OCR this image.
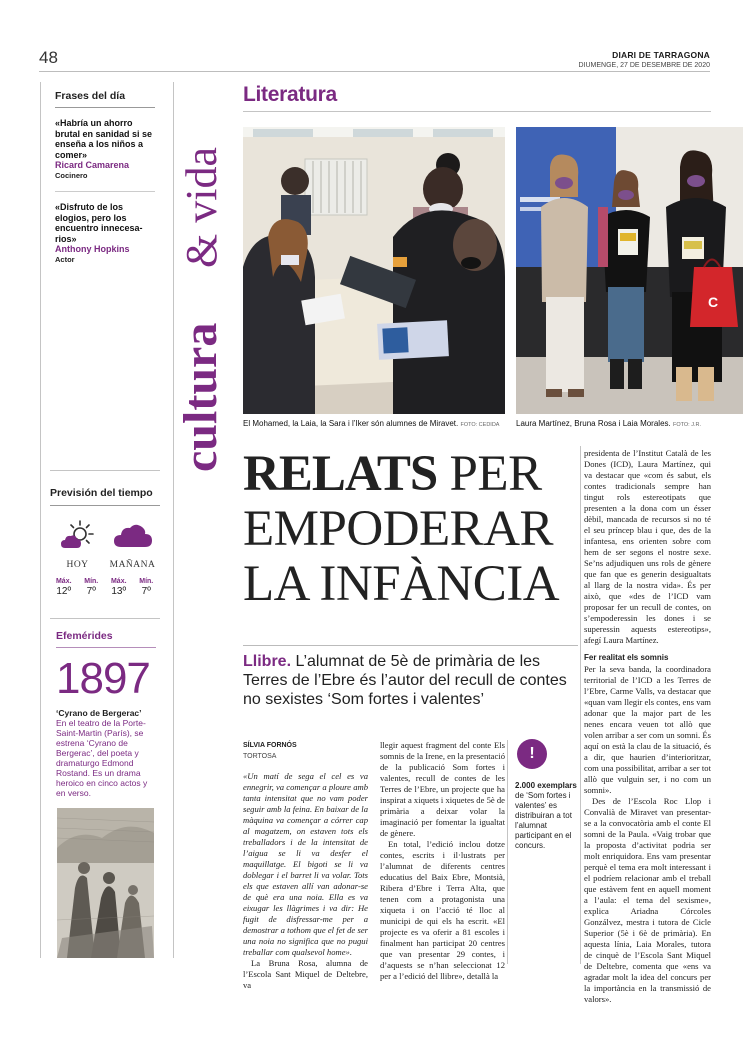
48	DIARI DE TARRAGONA
DIUMENGE, 27 DE DESEMBRE DE 2020
Frases del día
«Habría un ahorro brutal en sanidad si se enseña a los niños a comer»
Ricard Camarena
Cocinero
«Disfruto de los elogios, pero los encuentro innecesa-rios»
Anthony Hopkins
Actor
Previsión del tiempo
HOY	MAÑANA
Máx.
12º
Mín.
7º
Máx.
13º
Mín.
7º
Efemérides
1897
‘Cyrano de Bergerac’
En el teatro de la Porte-Saint-Martin (París), se estrena ‘Cyrano de Bergerac’, del poeta y dramaturgo Edmond Rostand. Es un drama heroico en cinco actos y en verso.
cultura
& vida
Literatura
C
El Mohamed, la Laia, la Sara i l’Iker són alumnes de Miravet. FOTO: CEDIDA Laura Martínez, Bruna Rosa i Laia Morales. FOTO: J.R.
RELATS PER
EMPODERAR
LA INFÀNCIA
Llibre. L’alumnat de 5è de primària de les Terres de l’Ebre és l’autor del recull de contes no sexistes ‘Som fortes i valentes’
SÍLVIA FORNÓS
TORTOSA

«Un matí de sega el cel es va ennegrir, va començar a ploure amb tanta intensitat que no vam poder seguir amb la feina. En baixar de la màquina va començar a córrer cap al magatzem, on estaven tots els treballadors i de la intensitat de l’aigua se li va desfer el maquillatge. El bigoti se li va doblegar i el barret li va volar. Tots els que estaven allí van adonar-se de què era una noia. Ella es va eixugar les llàgrimes i va dir: He fugit de disfressar-me per a demostrar a tothom que el fet de ser una noia no significa que no pugui treballar com qualsevol home».

La Bruna Rosa, alumna de l’Escola Sant Miquel de Deltebre, va

llegir aquest fragment del conte Els somnis de la Irene, en la presentació de la publicació Som fortes i valentes, recull de contes de les Terres de l’Ebre, un projecte que ha inspirat a xiquets i xiquetes de 5è de primària a deixar volar la imaginació per fomentar la igualtat de gènere.

En total, l’edició inclou dotze contes, escrits i il·lustrats per l’alumnat de diferents centres educatius del Baix Ebre, Montsià, Ribera d’Ebre i Terra Alta, que tenen com a protagonista una xiqueta i on l’acció té lloc al municipi de qui els ha escrit. «El projecte es va oferir a 81 escoles i finalment han participat 20 centres que van presentar 29 contes, i d’aquests se n’han seleccionat 12 per a l’edició del llibre», detallà la

!
2.000 exemplars
de ‘Som fortes i valentes’ es distribuiran a tot l’alumnat participant en el concurs.

presidenta de l’Institut Català de les Dones (ICD), Laura Martínez, qui va destacar que «com és sabut, els contes tradicionals sempre han tingut rols estereotipats que presenten a la dona com un ésser dèbil, mancada de recursos si no té el seu príncep blau i que, des de la infantesa, ens orienten sobre com hem de ser segons el nostre sexe. Se’ns adjudiquen uns rols de gènere que fan que es generin desigualtats al llarg de la nostra vida». És per això, que «des de l’ICD vam proposar fer un recull de contes, on s’empoderessin les dones i se superessin aquests estereotips», afegí Laura Martínez.

Fer realitat els somnis

Per la seva banda, la coordinadora territorial de l’ICD a les Terres de l’Ebre, Carme Valls, va destacar que «quan vam llegir els contes, ens vam adonar que la major part de les nenes encara veuen tot allò que volen arribar a ser com un somni. És aquí on està la clau de la situació, és a dir, que haurien d’interioritzar, com una possibilitat, arribar a ser tot allò que vulguin ser, i no com un somni».

Des de l’Escola Roc Llop i Convalià de Miravet van presentar-se a la convocatòria amb el conte El somni de la Paula. «Vaig trobar que la proposta d’activitat podria ser molt enriquidora. Ens vam presentar perquè el tema era molt interessant i el podríem relacionar amb el treball que estàvem fent en aquell moment a l’aula: el tema del sexisme», explica Ariadna Córcoles Gonzálvez, mestra i tutora de Cicle Superior (5è i 6è de primària). En aquesta línia, Laia Morales, tutora de cinquè de l’Escola Sant Miquel de Deltebre, comenta que «ens va agradar molt la idea del concurs per la importància en la transmissió de valors».
